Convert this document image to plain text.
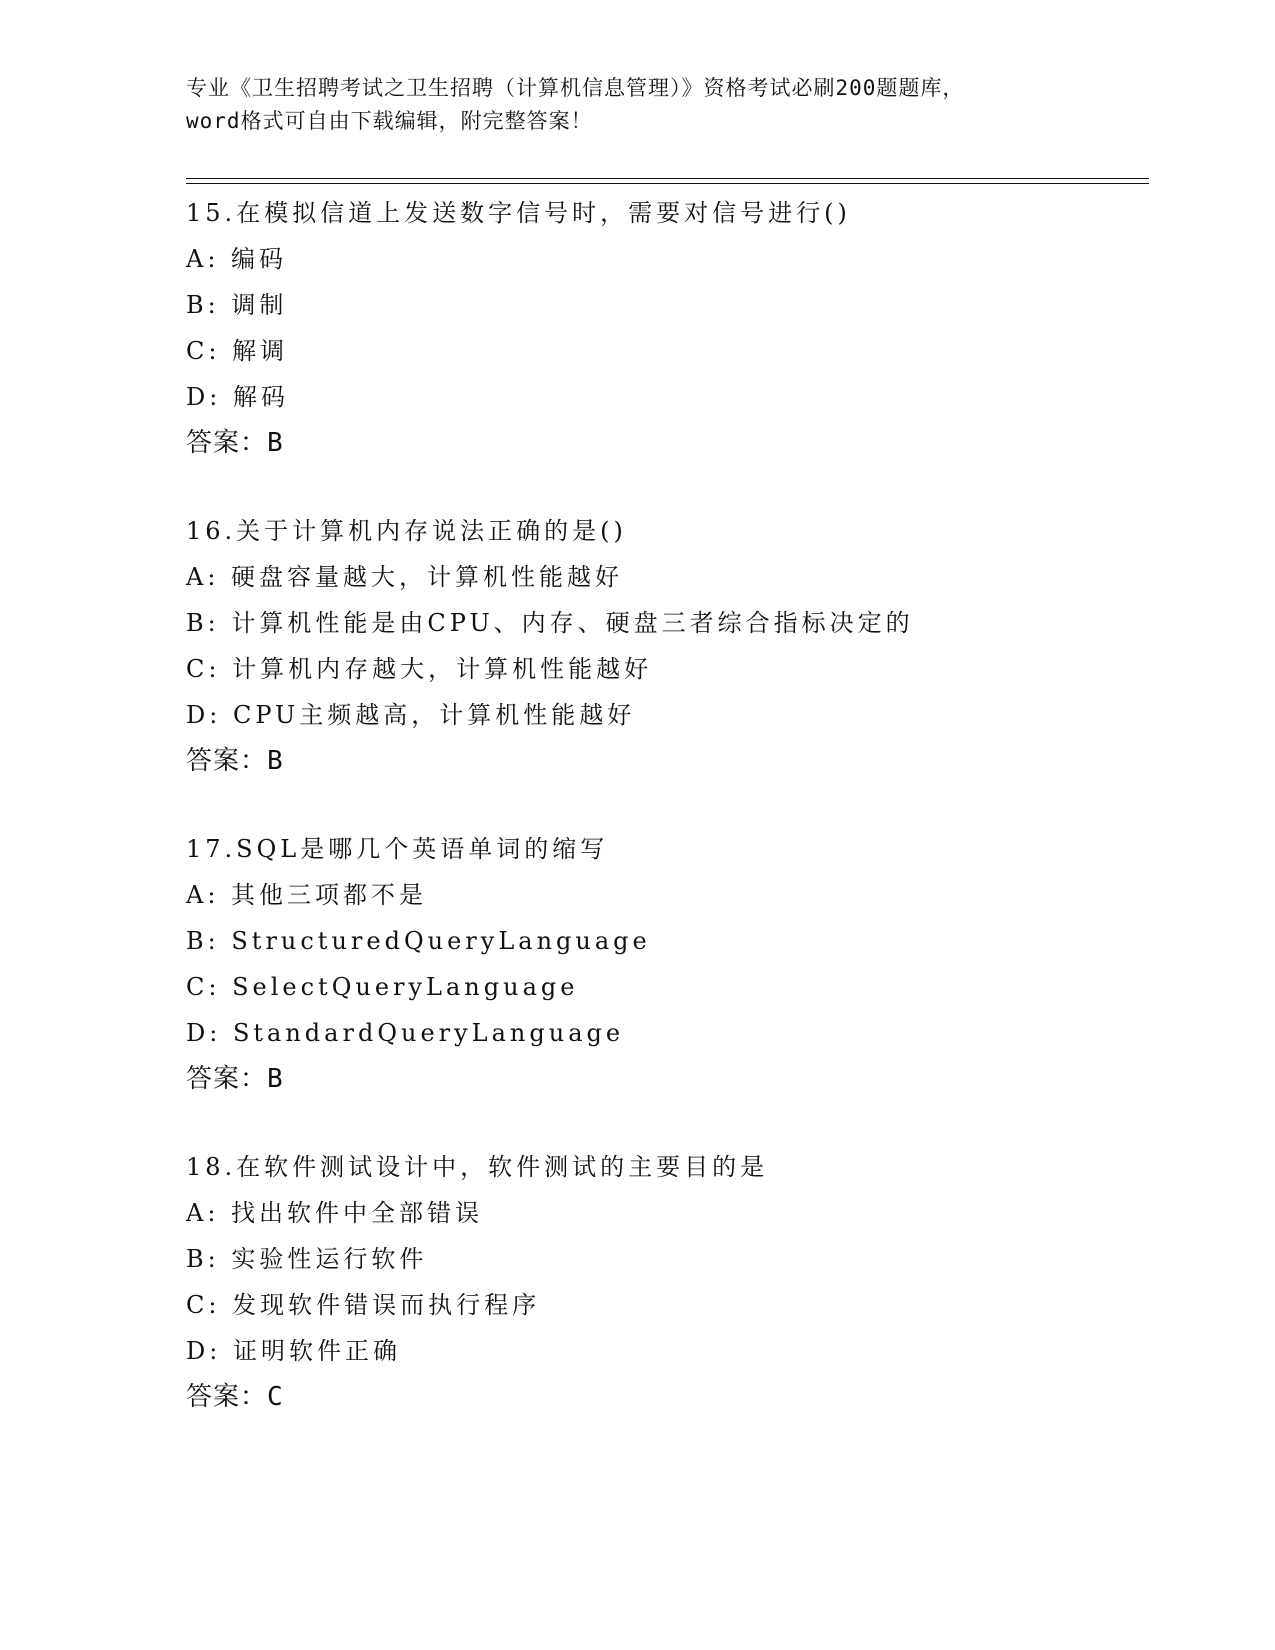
专业《卫生招聘考试之卫生招聘（计算机信息管理）》资格考试必刷200题题库，
word格式可自由下载编辑，附完整答案！
15.在模拟信道上发送数字信号时，需要对信号进行()
A: 编码
B: 调制
C: 解调
D: 解码
答案：B
16.关于计算机内存说法正确的是()
A: 硬盘容量越大，计算机性能越好
B: 计算机性能是由CPU、内存、硬盘三者综合指标决定的
C: 计算机内存越大，计算机性能越好
D: CPU主频越高，计算机性能越好
答案：B
17.SQL是哪几个英语单词的缩写
A: 其他三项都不是
B: StructuredQueryLanguage
C: SelectQueryLanguage
D: StandardQueryLanguage
答案：B
18.在软件测试设计中，软件测试的主要目的是
A: 找出软件中全部错误
B: 实验性运行软件
C: 发现软件错误而执行程序
D: 证明软件正确
答案：C
